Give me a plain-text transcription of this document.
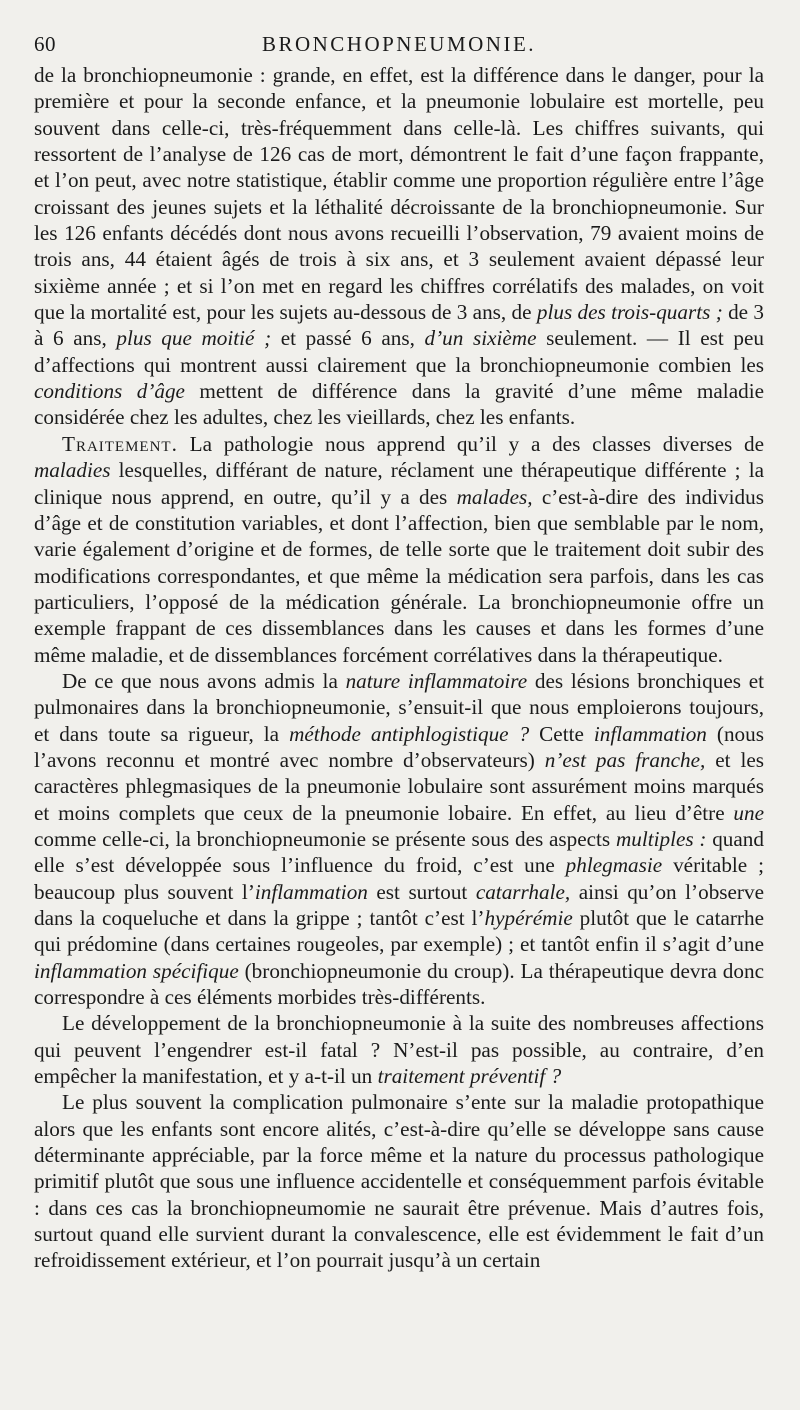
60	BRONCHOPNEUMONIE.

de la bronchiopneumonie : grande, en effet, est la différence dans le danger, pour la première et pour la seconde enfance, et la pneumonie lobulaire est mortelle, peu souvent dans celle-ci, très-fréquemment dans celle-là. Les chiffres suivants, qui ressortent de l’analyse de 126 cas de mort, démontrent le fait d’une façon frappante, et l’on peut, avec notre statistique, établir comme une proportion régulière entre l’âge croissant des jeunes sujets et la léthalité décroissante de la bronchiopneumonie. Sur les 126 enfants décédés dont nous avons recueilli l’observation, 79 avaient moins de trois ans, 44 étaient âgés de trois à six ans, et 3 seulement avaient dépassé leur sixième année ; et si l’on met en regard les chiffres corrélatifs des malades, on voit que la mortalité est, pour les sujets au-dessous de 3 ans, de plus des trois-quarts ; de 3 à 6 ans, plus que moitié ; et passé 6 ans, d’un sixième seulement. — Il est peu d’affections qui montrent aussi clairement que la bronchiopneumonie combien les conditions d’âge mettent de différence dans la gravité d’une même maladie considérée chez les adultes, chez les vieillards, chez les enfants.

Traitement. La pathologie nous apprend qu’il y a des classes diverses de maladies lesquelles, différant de nature, réclament une thérapeutique différente ; la clinique nous apprend, en outre, qu’il y a des malades, c’est-à-dire des individus d’âge et de constitution variables, et dont l’affection, bien que semblable par le nom, varie également d’origine et de formes, de telle sorte que le traitement doit subir des modifications correspondantes, et que même la médication sera parfois, dans les cas particuliers, l’opposé de la médication générale. La bronchiopneumonie offre un exemple frappant de ces dissemblances dans les causes et dans les formes d’une même maladie, et de dissemblances forcément corrélatives dans la thérapeutique.

De ce que nous avons admis la nature inflammatoire des lésions bronchiques et pulmonaires dans la bronchiopneumonie, s’ensuit-il que nous emploierons toujours, et dans toute sa rigueur, la méthode antiphlogistique ? Cette inflammation (nous l’avons reconnu et montré avec nombre d’observateurs) n’est pas franche, et les caractères phlegmasiques de la pneumonie lobulaire sont assurément moins marqués et moins complets que ceux de la pneumonie lobaire. En effet, au lieu d’être une comme celle-ci, la bronchiopneumonie se présente sous des aspects multiples : quand elle s’est développée sous l’influence du froid, c’est une phlegmasie véritable ; beaucoup plus souvent l’inflammation est surtout catarrhale, ainsi qu’on l’observe dans la coqueluche et dans la grippe ; tantôt c’est l’hypérémie plutôt que le catarrhe qui prédomine (dans certaines rougeoles, par exemple) ; et tantôt enfin il s’agit d’une inflammation spécifique (bronchiopneumonie du croup). La thérapeutique devra donc correspondre à ces éléments morbides très-différents.

Le développement de la bronchiopneumonie à la suite des nombreuses affections qui peuvent l’engendrer est-il fatal ? N’est-il pas possible, au contraire, d’en empêcher la manifestation, et y a-t-il un traitement préventif ?

Le plus souvent la complication pulmonaire s’ente sur la maladie protopathique alors que les enfants sont encore alités, c’est-à-dire qu’elle se développe sans cause déterminante appréciable, par la force même et la nature du processus pathologique primitif plutôt que sous une influence accidentelle et conséquemment parfois évitable : dans ces cas la bronchiopneumomie ne saurait être prévenue. Mais d’autres fois, surtout quand elle survient durant la convalescence, elle est évidemment le fait d’un refroidissement extérieur, et l’on pourrait jusqu’à un certain
